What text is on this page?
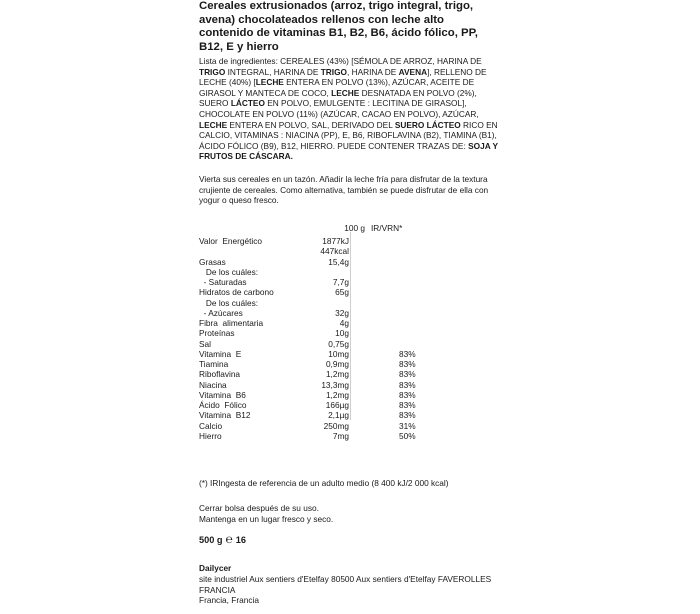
Cereales extrusionados (arroz, trigo integral, trigo, avena) chocolateados rellenos con leche alto contenido de vitaminas B1, B2, B6, ácido fólico, PP, B12, E y hierro
Lista de ingredientes: CEREALES (43%) [SÉMOLA DE ARROZ, HARINA DE TRIGO INTEGRAL, HARINA DE TRIGO, HARINA DE AVENA], RELLENO DE LECHE (40%) [LECHE ENTERA EN POLVO (13%), AZÚCAR, ACEITE DE GIRASOL Y MANTECA DE COCO, LECHE DESNATADA EN POLVO (2%), SUERO LÁCTEO EN POLVO, EMULGENTE : LECITINA DE GIRASOL], CHOCOLATE EN POLVO (11%) (AZÚCAR, CACAO EN POLVO), AZÚCAR, LECHE ENTERA EN POLVO, SAL, DERIVADO DEL SUERO LÁCTEO RICO EN CALCIO, VITAMINAS : NIACINA (PP), E, B6, RIBOFLAVINA (B2), TIAMINA (B1), ÁCIDO FÓLICO (B9), B12, HIERRO. PUEDE CONTENER TRAZAS DE: SOJA Y FRUTOS DE CÁSCARA.
Vierta sus cereales en un tazón. Añadir la leche fría para disfrutar de la textura crujiente de cereales. Como alternativa, también se puede disfrutar de ella con yogur o queso fresco.
100 g IR/VRN*
Valor  Energético	1877kJ
447kcal
Grasas	15,4g
De los cuáles:
- Saturadas	7,7g
Hidratos de carbono	65g
De los cuáles:
- Azúcares	32g
Fibra  alimentaria	4g
Proteínas	10g
Sal	0,75g
Vitamina  E	10mg	83%
Tiamina	0,9mg	83%
Riboflavina	1,2mg	83%
Niacina	13,3mg	83%
Vitamina  B6	1,2mg	83%
Ácido  Fólico	166µg	83%
Vitamina  B12	2,1µg	83%
Calcio	250mg	31%
Hierro	7mg	50%
(*) IRIngesta de referencia de un adulto medio (8 400 kJ/2 000 kcal)
Cerrar bolsa después de su uso.
Mantenga en un lugar fresco y seco.
500 g ℮ 16
Dailycer
site industriel Aux sentiers d'Etelfay 80500 Aux sentiers d'Etelfay FAVEROLLES FRANCIA
Francia, Francia
